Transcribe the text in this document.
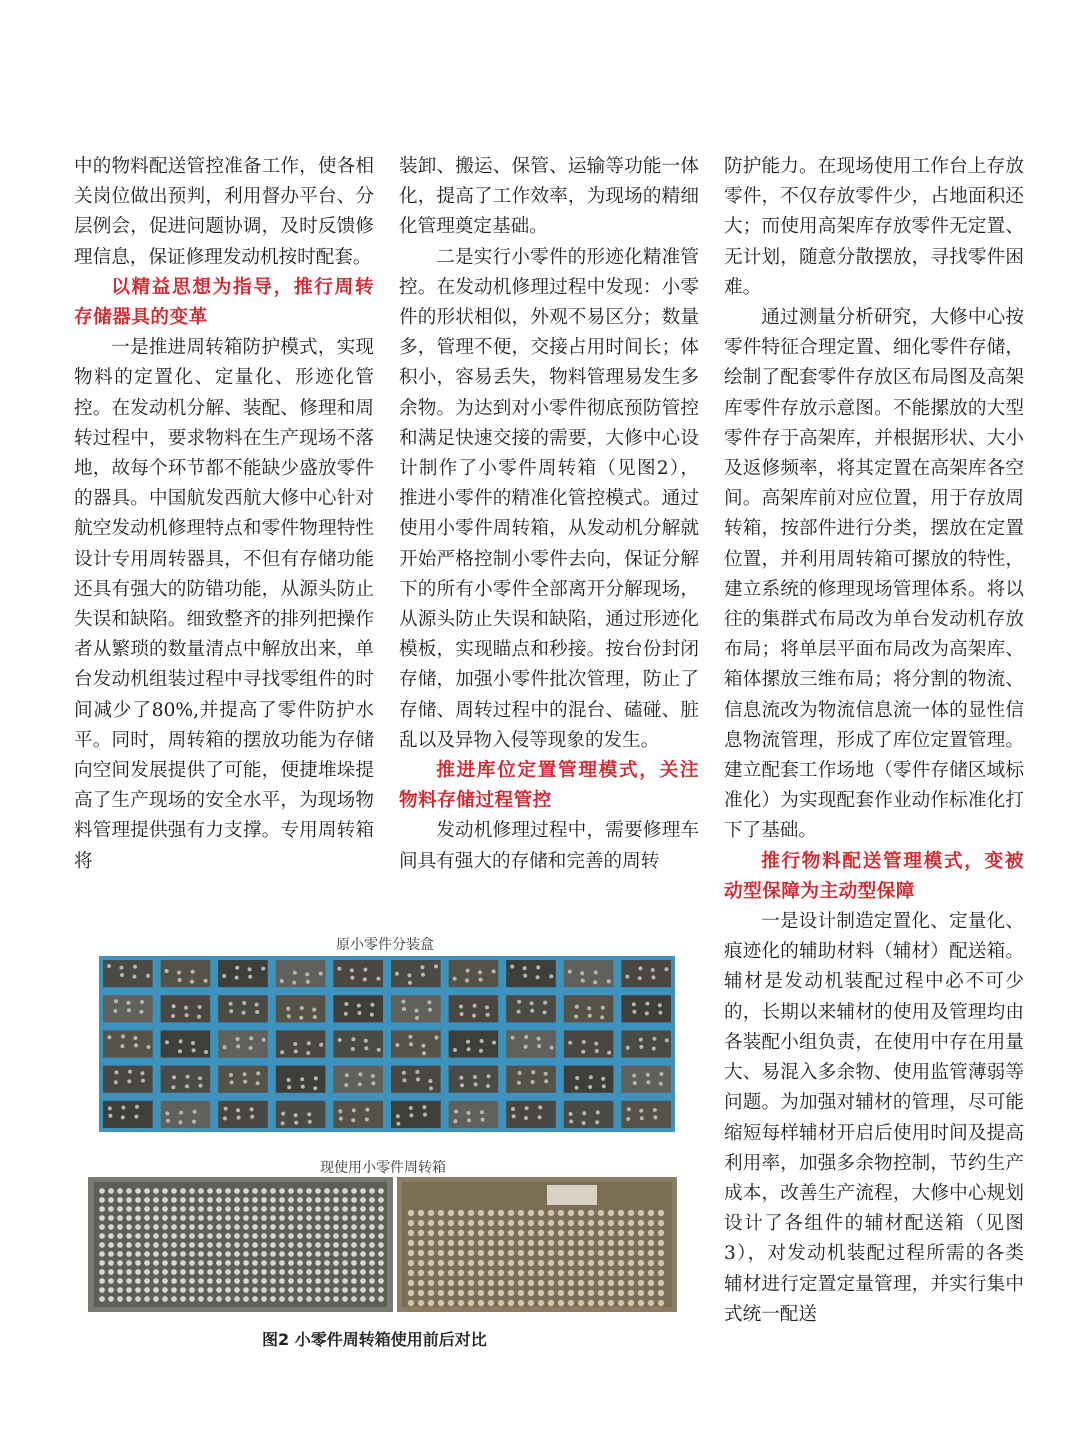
中的物料配送管控准备工作，使各相关岗位做出预判，利用督办平台、分层例会，促进问题协调，及时反馈修理信息，保证修理发动机按时配套。

以精益思想为指导，推行周转存储器具的变革

一是推进周转箱防护模式，实现物料的定置化、定量化、形迹化管控。在发动机分解、装配、修理和周转过程中，要求物料在生产现场不落地，故每个环节都不能缺少盛放零件的器具。中国航发西航大修中心针对航空发动机修理特点和零件物理特性设计专用周转器具，不但有存储功能还具有强大的防错功能，从源头防止失误和缺陷。细致整齐的排列把操作者从繁琐的数量清点中解放出来，单台发动机组装过程中寻找零组件的时间减少了80%,并提高了零件防护水平。同时，周转箱的摆放功能为存储向空间发展提供了可能，便捷堆垛提高了生产现场的安全水平，为现场物料管理提供强有力支撑。专用周转箱将

装卸、搬运、保管、运输等功能一体化，提高了工作效率，为现场的精细化管理奠定基础。

二是实行小零件的形迹化精准管控。在发动机修理过程中发现：小零件的形状相似，外观不易区分；数量多，管理不便，交接占用时间长；体积小，容易丢失，物料管理易发生多余物。为达到对小零件彻底预防管控和满足快速交接的需要，大修中心设计制作了小零件周转箱（见图2），推进小零件的精准化管控模式。通过使用小零件周转箱，从发动机分解就开始严格控制小零件去向，保证分解下的所有小零件全部离开分解现场，从源头防止失误和缺陷，通过形迹化模板，实现瞄点和秒接。按台份封闭存储，加强小零件批次管理，防止了存储、周转过程中的混台、磕碰、脏乱以及异物入侵等现象的发生。

推进库位定置管理模式，关注物料存储过程管控

发动机修理过程中，需要修理车间具有强大的存储和完善的周转

防护能力。在现场使用工作台上存放零件，不仅存放零件少，占地面积还大；而使用高架库存放零件无定置、无计划，随意分散摆放，寻找零件困难。

通过测量分析研究，大修中心按零件特征合理定置、细化零件存储，绘制了配套零件存放区布局图及高架库零件存放示意图。不能摞放的大型零件存于高架库，并根据形状、大小及返修频率，将其定置在高架库各空间。高架库前对应位置，用于存放周转箱，按部件进行分类，摆放在定置位置，并利用周转箱可摞放的特性，建立系统的修理现场管理体系。将以往的集群式布局改为单台发动机存放布局；将单层平面布局改为高架库、箱体摞放三维布局；将分割的物流、信息流改为物流信息流一体的显性信息物流管理，形成了库位定置管理。建立配套工作场地（零件存储区域标准化）为实现配套作业动作标准化打下了基础。

推行物料配送管理模式，变被动型保障为主动型保障

一是设计制造定置化、定量化、痕迹化的辅助材料（辅材）配送箱。辅材是发动机装配过程中必不可少的，长期以来辅材的使用及管理均由各装配小组负责，在使用中存在用量大、易混入多余物、使用监管薄弱等问题。为加强对辅材的管理，尽可能缩短每样辅材开启后使用时间及提高利用率，加强多余物控制，节约生产成本，改善生产流程，大修中心规划设计了各组件的辅材配送箱（见图3），对发动机装配过程所需的各类辅材进行定置定量管理，并实行集中式统一配送

原小零件分装盒
现使用小零件周转箱
图2 小零件周转箱使用前后对比
